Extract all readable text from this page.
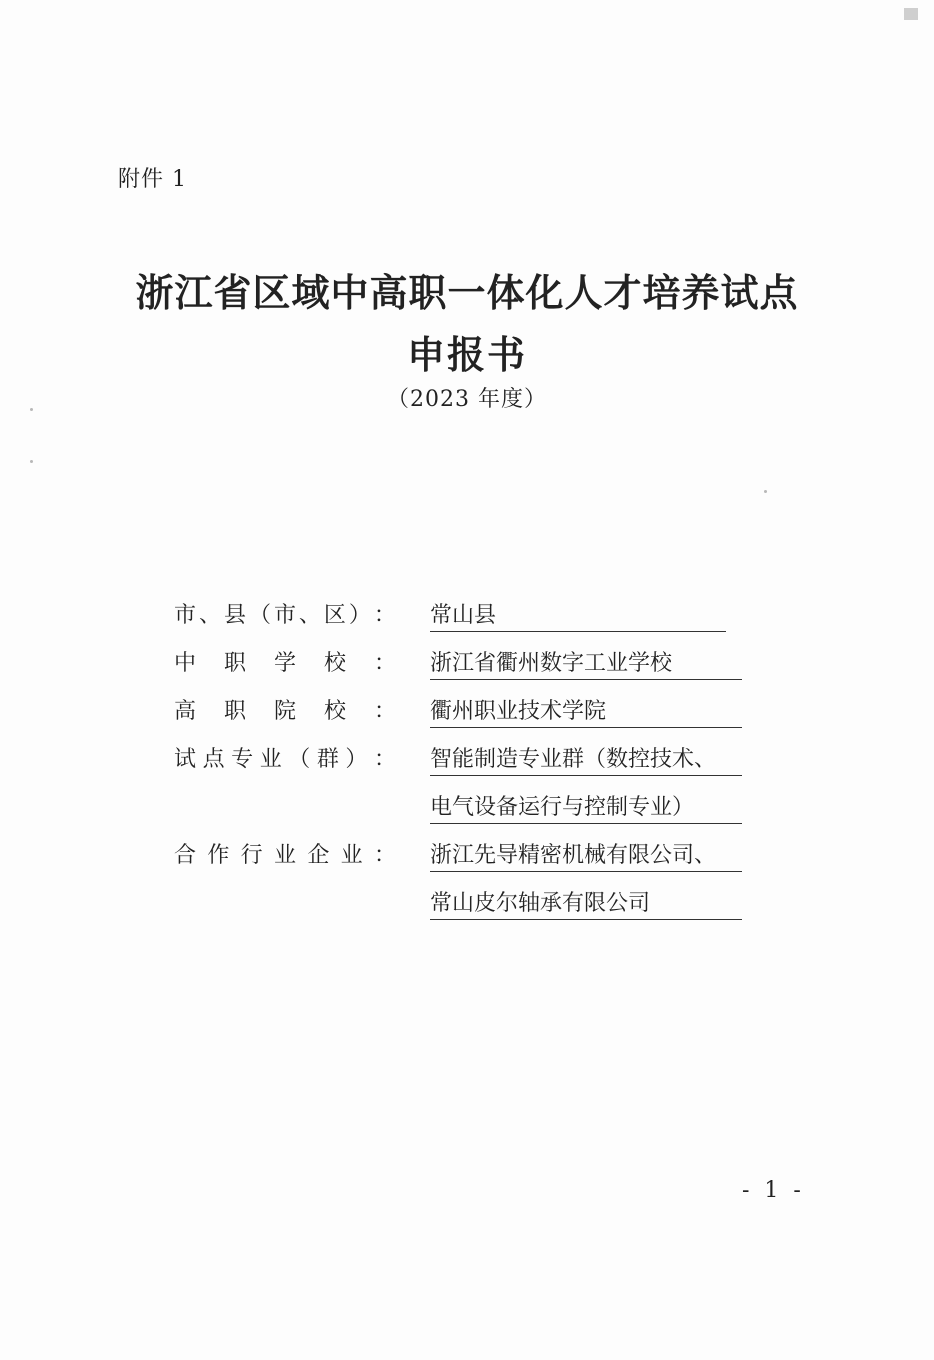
附件 1
浙江省区域中高职一体化人才培养试点
申报书
（2023 年度）
市 、 县 （ 市 、 区 ） ： 常山县
中 职 学 校 ： 浙江省衢州数字工业学校
高 职 院 校 ： 衢州职业技术学院
试 点 专 业 （ 群 ） ： 智能制造专业群（数控技术、
电气设备运行与控制专业）
合 作 行 业 企 业 ： 浙江先导精密机械有限公司、
常山皮尔轴承有限公司
- 1 -
